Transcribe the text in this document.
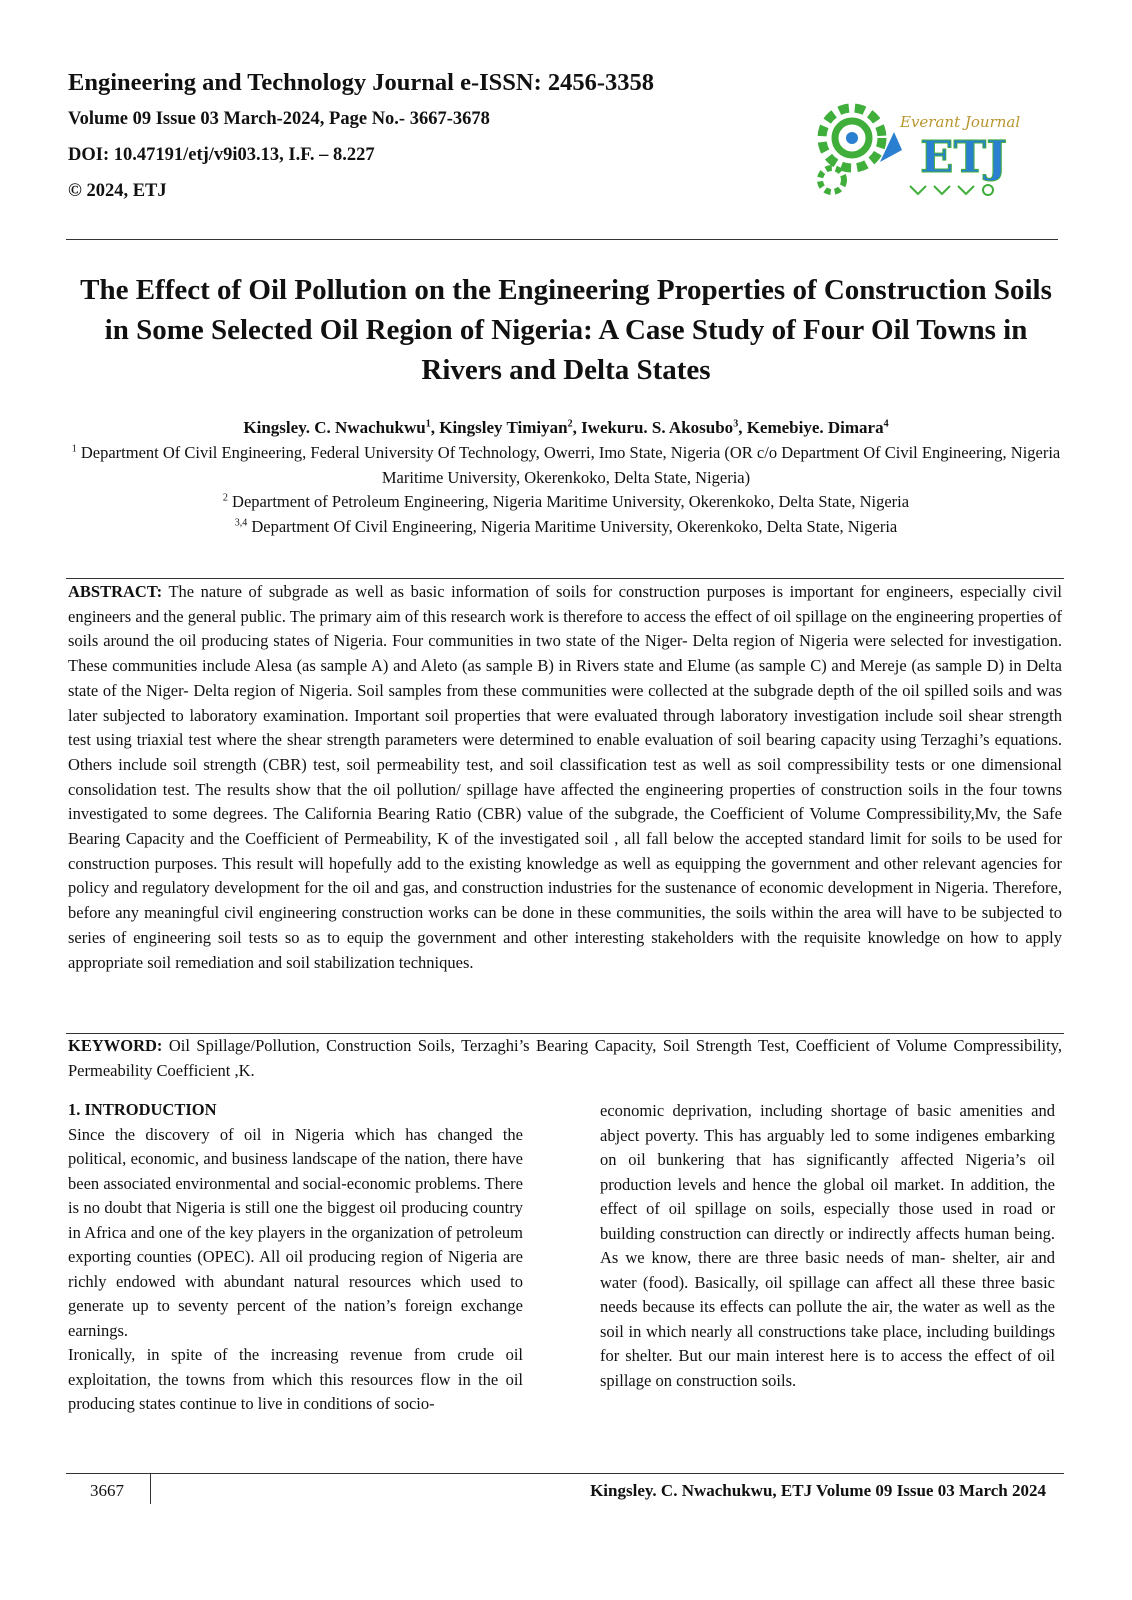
Engineering and Technology Journal e-ISSN: 2456-3358

Volume 09 Issue 03 March-2024, Page No.- 3667-3678

DOI: 10.47191/etj/v9i03.13, I.F. – 8.227

© 2024, ETJ

Everant Journal
ETJ
The Effect of Oil Pollution on the Engineering Properties of Construction Soils in Some Selected Oil Region of Nigeria: A Case Study of Four Oil Towns in Rivers and Delta States
Kingsley. C. Nwachukwu$^1$, Kingsley Timiyan$^2$, Iwekuru. S. Akosubo$^3$, Kemebiye. Dimara$^4$

$^1$ Department Of Civil Engineering, Federal University Of Technology, Owerri, Imo State, Nigeria (OR c/o Department Of Civil Engineering, Nigeria Maritime University, Okerenkoko, Delta State, Nigeria)

$^2$ Department of Petroleum Engineering, Nigeria Maritime University, Okerenkoko, Delta State, Nigeria

$^{3,4}$ Department Of Civil Engineering, Nigeria Maritime University, Okerenkoko, Delta State, Nigeria

ABSTRACT: The nature of subgrade as well as basic information of soils for construction purposes is important for engineers, especially civil engineers and the general public. The primary aim of this research work is therefore to access the effect of oil spillage on the engineering properties of soils around the oil producing states of Nigeria. Four communities in two state of the Niger- Delta region of Nigeria were selected for investigation. These communities include Alesa (as sample A) and Aleto (as sample B) in Rivers state and Elume (as sample C) and Mereje (as sample D) in Delta state of the Niger- Delta region of Nigeria. Soil samples from these communities were collected at the subgrade depth of the oil spilled soils and was later subjected to laboratory examination. Important soil properties that were evaluated through laboratory investigation include soil shear strength test using triaxial test where the shear strength parameters were determined to enable evaluation of soil bearing capacity using Terzaghi’s equations. Others include soil strength (CBR) test, soil permeability test, and soil classification test as well as soil compressibility tests or one dimensional consolidation test. The results show that the oil pollution/ spillage have affected the engineering properties of construction soils in the four towns investigated to some degrees. The California Bearing Ratio (CBR) value of the subgrade, the Coefficient of Volume Compressibility,Mv, the Safe Bearing Capacity and the Coefficient of Permeability, K of the investigated soil , all fall below the accepted standard limit for soils to be used for construction purposes. This result will hopefully add to the existing knowledge as well as equipping the government and other relevant agencies for policy and regulatory development for the oil and gas, and construction industries for the sustenance of economic development in Nigeria. Therefore, before any meaningful civil engineering construction works can be done in these communities, the soils within the area will have to be subjected to series of engineering soil tests so as to equip the government and other interesting stakeholders with the requisite knowledge on how to apply appropriate soil remediation and soil stabilization techniques.

KEYWORD: Oil Spillage/Pollution, Construction Soils, Terzaghi’s Bearing Capacity, Soil Strength Test, Coefficient of Volume Compressibility, Permeability Coefficient ,K.

1. INTRODUCTION

Since the discovery of oil in Nigeria which has changed the political, economic, and business landscape of the nation, there have been associated environmental and social-economic problems. There is no doubt that Nigeria is still one the biggest oil producing country in Africa and one of the key players in the organization of petroleum exporting counties (OPEC). All oil producing region of Nigeria are richly endowed with abundant natural resources which used to generate up to seventy percent of the nation’s foreign exchange earnings.

Ironically, in spite of the increasing revenue from crude oil exploitation, the towns from which this resources flow in the oil producing states continue to live in conditions of socio-

economic deprivation, including shortage of basic amenities and abject poverty. This has arguably led to some indigenes embarking on oil bunkering that has significantly affected Nigeria’s oil production levels and hence the global oil market. In addition, the effect of oil spillage on soils, especially those used in road or building construction can directly or indirectly affects human being. As we know, there are three basic needs of man- shelter, air and water (food). Basically, oil spillage can affect all these three basic needs because its effects can pollute the air, the water as well as the soil in which nearly all constructions take place, including buildings for shelter. But our main interest here is to access the effect of oil spillage on construction soils.

3667	Kingsley. C. Nwachukwu, ETJ Volume 09 Issue 03 March 2024
